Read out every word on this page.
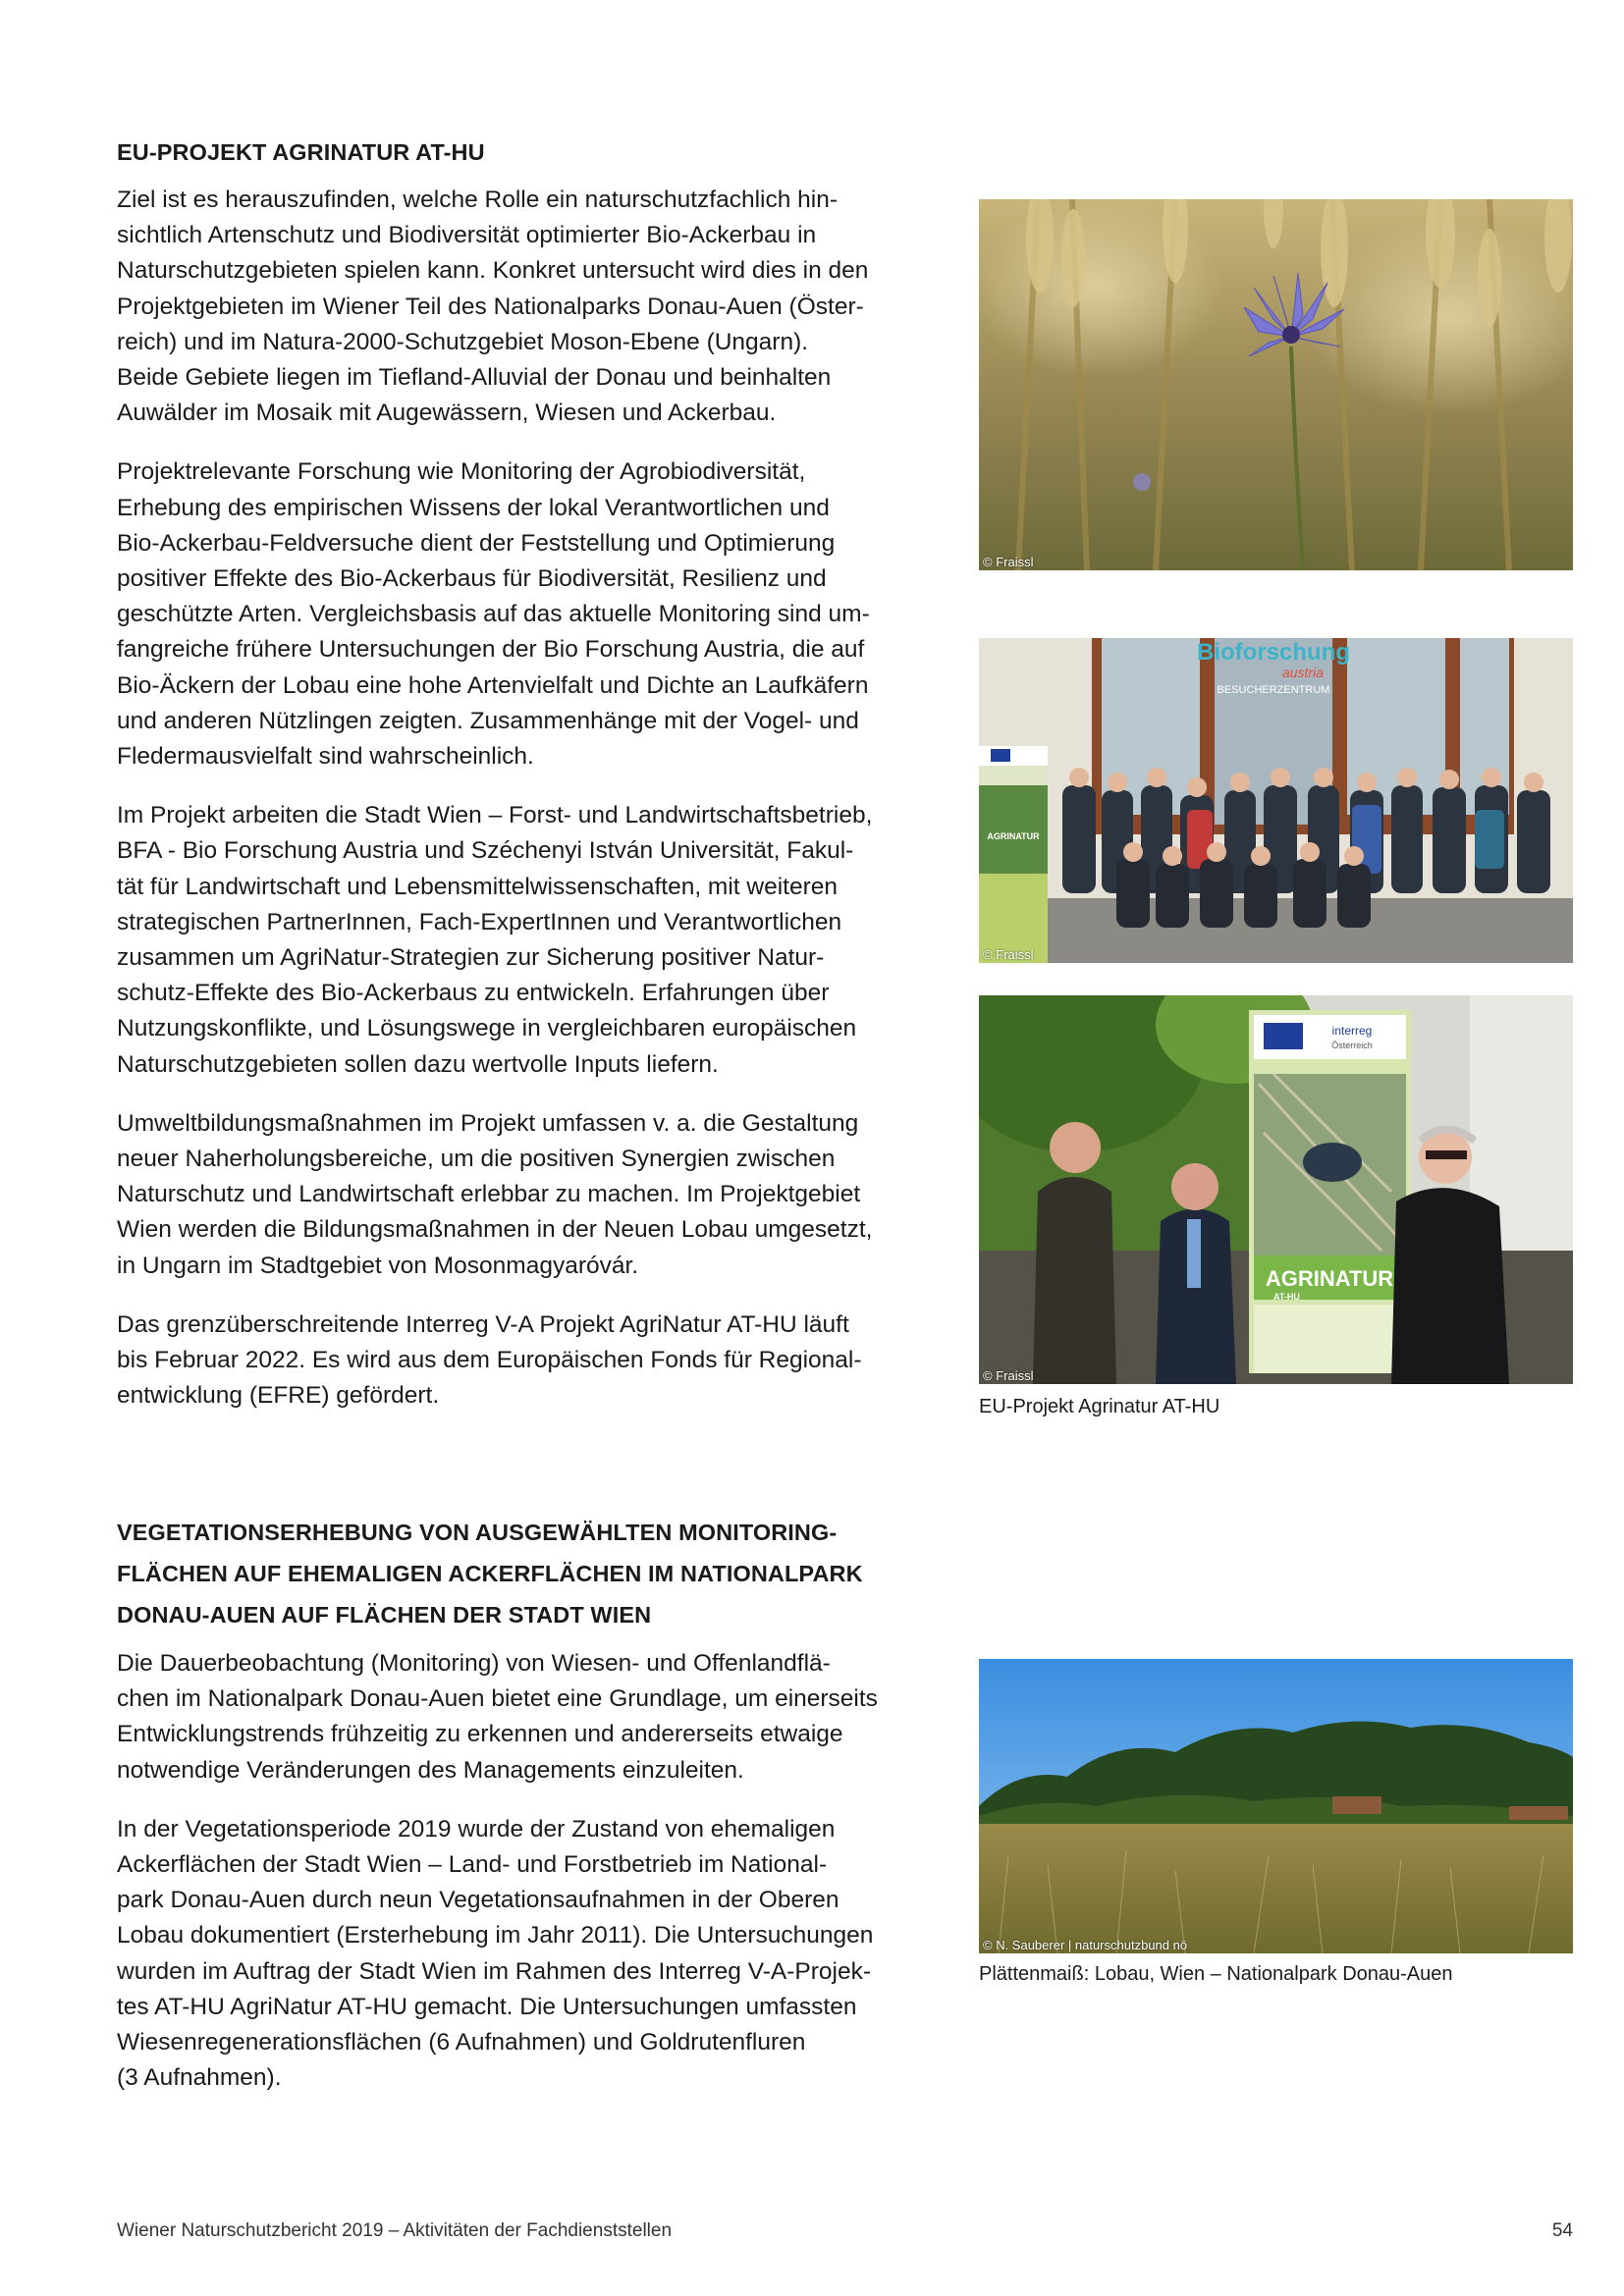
EU-PROJEKT AGRINATUR AT-HU

Ziel ist es herauszufinden, welche Rolle ein naturschutzfachlich hin-
sichtlich Artenschutz und Biodiversität optimierter Bio-Ackerbau in
Naturschutzgebieten spielen kann. Konkret untersucht wird dies in den
Projektgebieten im Wiener Teil des Nationalparks Donau-Auen (Öster-
reich) und im Natura-2000-Schutzgebiet Moson-Ebene (Ungarn).
Beide Gebiete liegen im Tiefland-Alluvial der Donau und beinhalten
Auwälder im Mosaik mit Augewässern, Wiesen und Ackerbau.

Projektrelevante Forschung wie Monitoring der Agrobiodiversität,
Erhebung des empirischen Wissens der lokal Verantwortlichen und
Bio-Ackerbau-Feldversuche dient der Feststellung und Optimierung
positiver Effekte des Bio-Ackerbaus für Biodiversität, Resilienz und
geschützte Arten. Vergleichsbasis auf das aktuelle Monitoring sind um-
fangreiche frühere Untersuchungen der Bio Forschung Austria, die auf
Bio-Äckern der Lobau eine hohe Artenvielfalt und Dichte an Laufkäfern
und anderen Nützlingen zeigten. Zusammenhänge mit der Vogel- und
Fledermausvielfalt sind wahrscheinlich.

Im Projekt arbeiten die Stadt Wien – Forst- und Landwirtschaftsbetrieb,
BFA - Bio Forschung Austria und Széchenyi István Universität, Fakul-
tät für Landwirtschaft und Lebensmittelwissenschaften, mit weiteren
strategischen PartnerInnen, Fach-ExpertInnen und Verantwortlichen
zusammen um AgriNatur-Strategien zur Sicherung positiver Natur-
schutz-Effekte des Bio-Ackerbaus zu entwickeln. Erfahrungen über
Nutzungskonflikte, und Lösungswege in vergleichbaren europäischen
Naturschutzgebieten sollen dazu wertvolle Inputs liefern.

Umweltbildungsmaßnahmen im Projekt umfassen v. a. die Gestaltung
neuer Naherholungsbereiche, um die positiven Synergien zwischen
Naturschutz und Landwirtschaft erlebbar zu machen. Im Projektgebiet
Wien werden die Bildungsmaßnahmen in der Neuen Lobau umgesetzt,
in Ungarn im Stadtgebiet von Mosonmagyaróvár.

Das grenzüberschreitende Interreg V-A Projekt AgriNatur AT-HU läuft
bis Februar 2022. Es wird aus dem Europäischen Fonds für Regional-
entwicklung (EFRE) gefördert.

VEGETATIONSERHEBUNG VON AUSGEWÄHLTEN MONITORING-
FLÄCHEN AUF EHEMALIGEN ACKERFLÄCHEN IM NATIONALPARK
DONAU-AUEN AUF FLÄCHEN DER STADT WIEN

Die Dauerbeobachtung (Monitoring) von Wiesen- und Offenlandflä-
chen im Nationalpark Donau-Auen bietet eine Grundlage, um einerseits
Entwicklungstrends frühzeitig zu erkennen und andererseits etwaige
notwendige Veränderungen des Managements einzuleiten.

In der Vegetationsperiode 2019 wurde der Zustand von ehemaligen
Ackerflächen der Stadt Wien – Land- und Forstbetrieb im National-
park Donau-Auen durch neun Vegetationsaufnahmen in der Oberen
Lobau dokumentiert (Ersterhebung im Jahr 2011). Die Untersuchungen
wurden im Auftrag der Stadt Wien im Rahmen des Interreg V-A-Projek-
tes AT-HU AgriNatur AT-HU gemacht. Die Untersuchungen umfassten
Wiesenregenerationsflächen (6 Aufnahmen) und Goldrutenfluren
(3 Aufnahmen).

© Fraissl
Bioforschung
austria
BESUCHERZENTRUM
AGRINATUR
© Fraissl
interreg
Österreich
AGRINATUR
AT-HU
© Fraissl
EU-Projekt Agrinatur AT-HU
© N. Sauberer | naturschutzbund nö
Plättenmaiß: Lobau, Wien – Nationalpark Donau-Auen
Wiener Naturschutzbericht 2019 – Aktivitäten der Fachdienststellen	54
